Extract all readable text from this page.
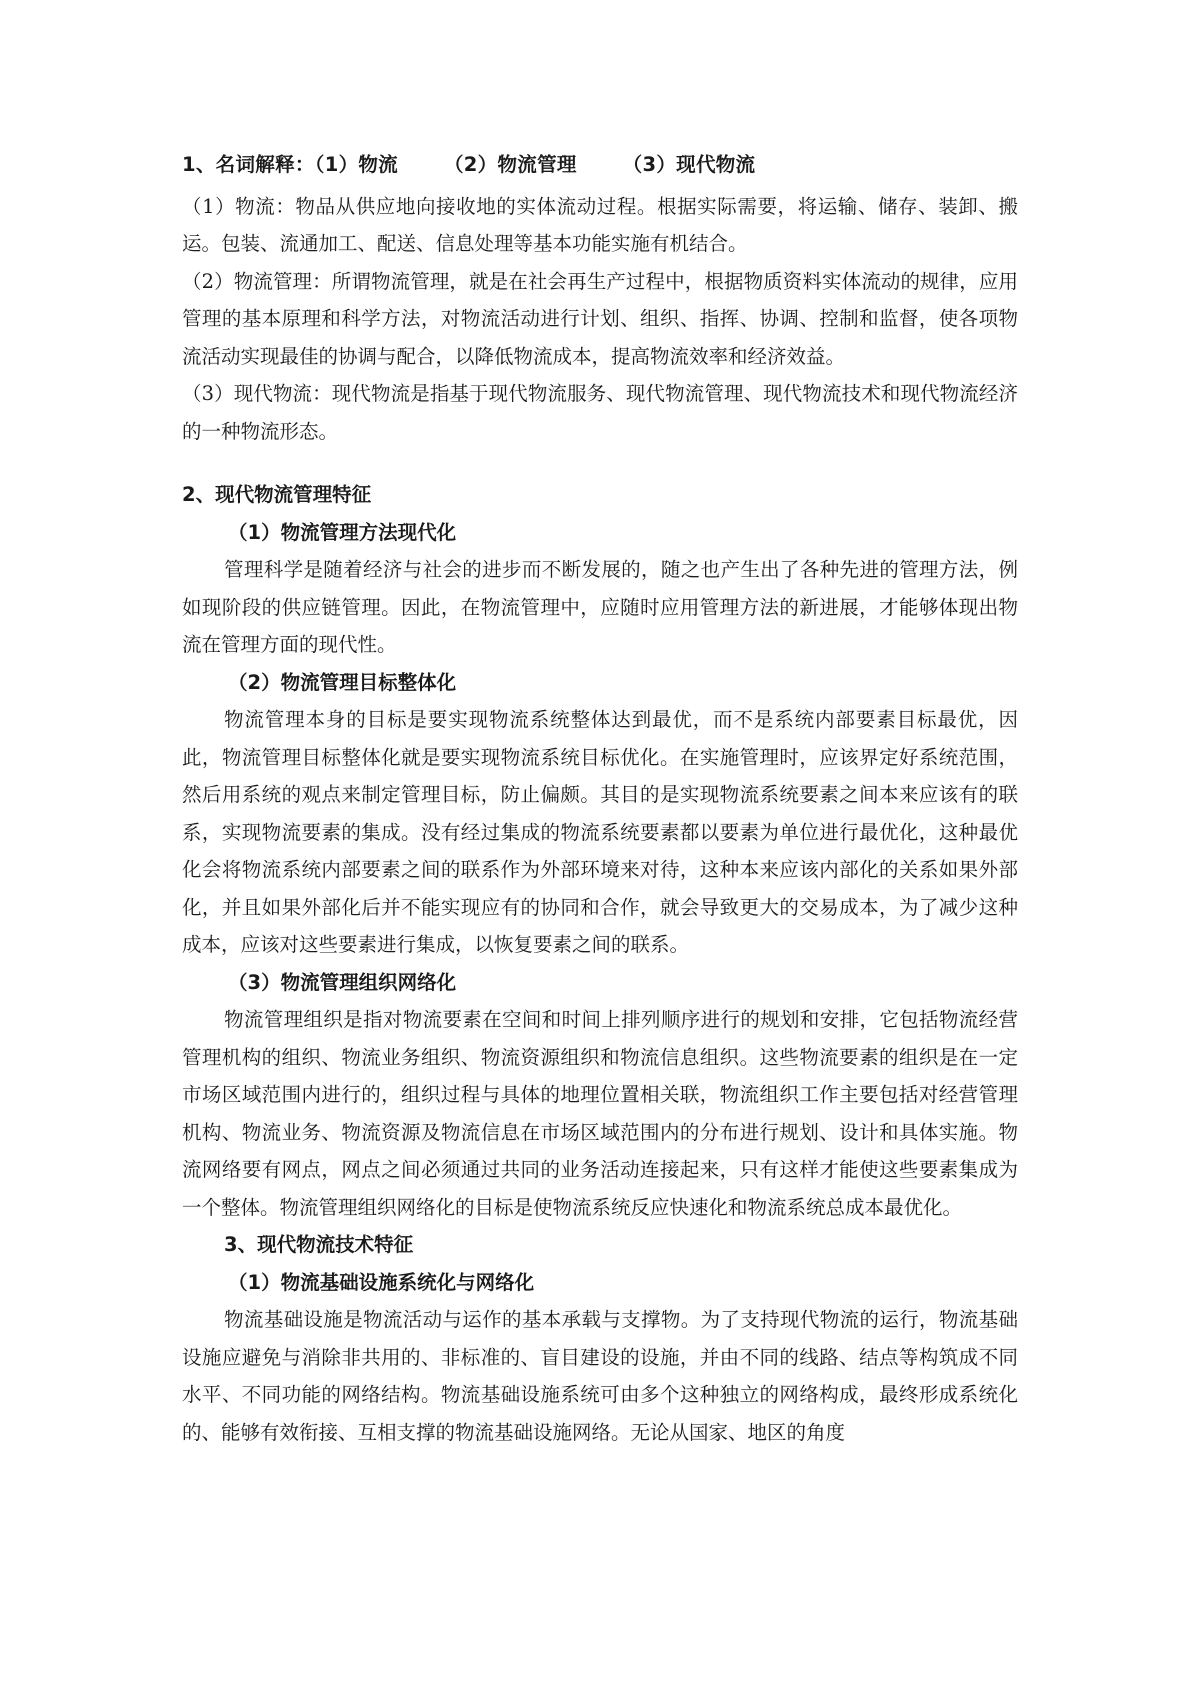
1、名词解释：（1）物流 （2）物流管理 （3）现代物流

（1）物流：物品从供应地向接收地的实体流动过程。根据实际需要，将运输、储存、装卸、搬运。包装、流通加工、配送、信息处理等基本功能实施有机结合。

（2）物流管理：所谓物流管理，就是在社会再生产过程中，根据物质资料实体流动的规律，应用管理的基本原理和科学方法，对物流活动进行计划、组织、指挥、协调、控制和监督，使各项物流活动实现最佳的协调与配合，以降低物流成本，提高物流效率和经济效益。

（3）现代物流：现代物流是指基于现代物流服务、现代物流管理、现代物流技术和现代物流经济的一种物流形态。

2、现代物流管理特征

（1）物流管理方法现代化

管理科学是随着经济与社会的进步而不断发展的，随之也产生出了各种先进的管理方法，例如现阶段的供应链管理。因此，在物流管理中，应随时应用管理方法的新进展，才能够体现出物流在管理方面的现代性。

（2）物流管理目标整体化

物流管理本身的目标是要实现物流系统整体达到最优，而不是系统内部要素目标最优，因此，物流管理目标整体化就是要实现物流系统目标优化。在实施管理时，应该界定好系统范围，然后用系统的观点来制定管理目标，防止偏颇。其目的是实现物流系统要素之间本来应该有的联系，实现物流要素的集成。没有经过集成的物流系统要素都以要素为单位进行最优化，这种最优化会将物流系统内部要素之间的联系作为外部环境来对待，这种本来应该内部化的关系如果外部化，并且如果外部化后并不能实现应有的协同和合作，就会导致更大的交易成本，为了减少这种成本，应该对这些要素进行集成，以恢复要素之间的联系。

（3）物流管理组织网络化

物流管理组织是指对物流要素在空间和时间上排列顺序进行的规划和安排，它包括物流经营管理机构的组织、物流业务组织、物流资源组织和物流信息组织。这些物流要素的组织是在一定市场区域范围内进行的，组织过程与具体的地理位置相关联，物流组织工作主要包括对经营管理机构、物流业务、物流资源及物流信息在市场区域范围内的分布进行规划、设计和具体实施。物流网络要有网点，网点之间必须通过共同的业务活动连接起来，只有这样才能使这些要素集成为一个整体。物流管理组织网络化的目标是使物流系统反应快速化和物流系统总成本最优化。

3、现代物流技术特征

（1）物流基础设施系统化与网络化

物流基础设施是物流活动与运作的基本承载与支撑物。为了支持现代物流的运行，物流基础设施应避免与消除非共用的、非标准的、盲目建设的设施，并由不同的线路、结点等构筑成不同水平、不同功能的网络结构。物流基础设施系统可由多个这种独立的网络构成，最终形成系统化的、能够有效衔接、互相支撑的物流基础设施网络。无论从国家、地区的角度
